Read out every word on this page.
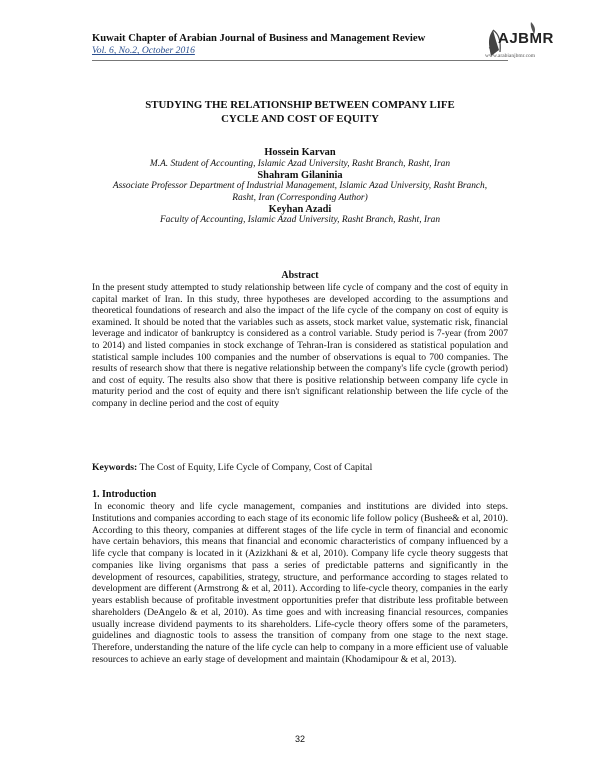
Kuwait Chapter of Arabian Journal of Business and Management Review
Vol. 6, No.2, October 2016
AJBMR
www.arabianjbmr.com
STUDYING THE RELATIONSHIP BETWEEN COMPANY LIFE
CYCLE AND COST OF EQUITY
Hossein Karvan
M.A. Student of Accounting, Islamic Azad University, Rasht Branch, Rasht, Iran
Shahram Gilaninia
Associate Professor Department of Industrial Management, Islamic Azad University, Rasht Branch,
Rasht, Iran (Corresponding Author)
Keyhan Azadi
Faculty of Accounting, Islamic Azad University, Rasht Branch, Rasht, Iran
Abstract
In the present study attempted to study relationship between life cycle of company and the cost of equity in capital market of Iran. In this study, three hypotheses are developed according to the assumptions and theoretical foundations of research and also the impact of the life cycle of the company on cost of equity is examined. It should be noted that the variables such as assets, stock market value, systematic risk, financial leverage and indicator of bankruptcy is considered as a control variable. Study period is 7-year (from 2007 to 2014) and listed companies in stock exchange of Tehran-Iran is considered as statistical population and statistical sample includes 100 companies and the number of observations is equal to 700 companies. The results of research show that there is negative relationship between the company's life cycle (growth period) and cost of equity. The results also show that there is positive relationship between company life cycle in maturity period and the cost of equity and there isn't significant relationship between the life cycle of the company in decline period and the cost of equity
Keywords: The Cost of Equity, Life Cycle of Company, Cost of Capital
1. Introduction
In economic theory and life cycle management, companies and institutions are divided into steps. Institutions and companies according to each stage of its economic life follow policy (Bushee& et al, 2010). According to this theory, companies at different stages of the life cycle in term of financial and economic have certain behaviors, this means that financial and economic characteristics of company influenced by a life cycle that company is located in it (Azizkhani & et al, 2010). Company life cycle theory suggests that companies like living organisms that pass a series of predictable patterns and significantly in the development of resources, capabilities, strategy, structure, and performance according to stages related to development are different (Armstrong & et al, 2011). According to life-cycle theory, companies in the early years establish because of profitable investment opportunities prefer that distribute less profitable between shareholders (DeAngelo & et al, 2010). As time goes and with increasing financial resources, companies usually increase dividend payments to its shareholders. Life-cycle theory offers some of the parameters, guidelines and diagnostic tools to assess the transition of company from one stage to the next stage. Therefore, understanding the nature of the life cycle can help to company in a more efficient use of valuable resources to achieve an early stage of development and maintain (Khodamipour & et al, 2013).
32
